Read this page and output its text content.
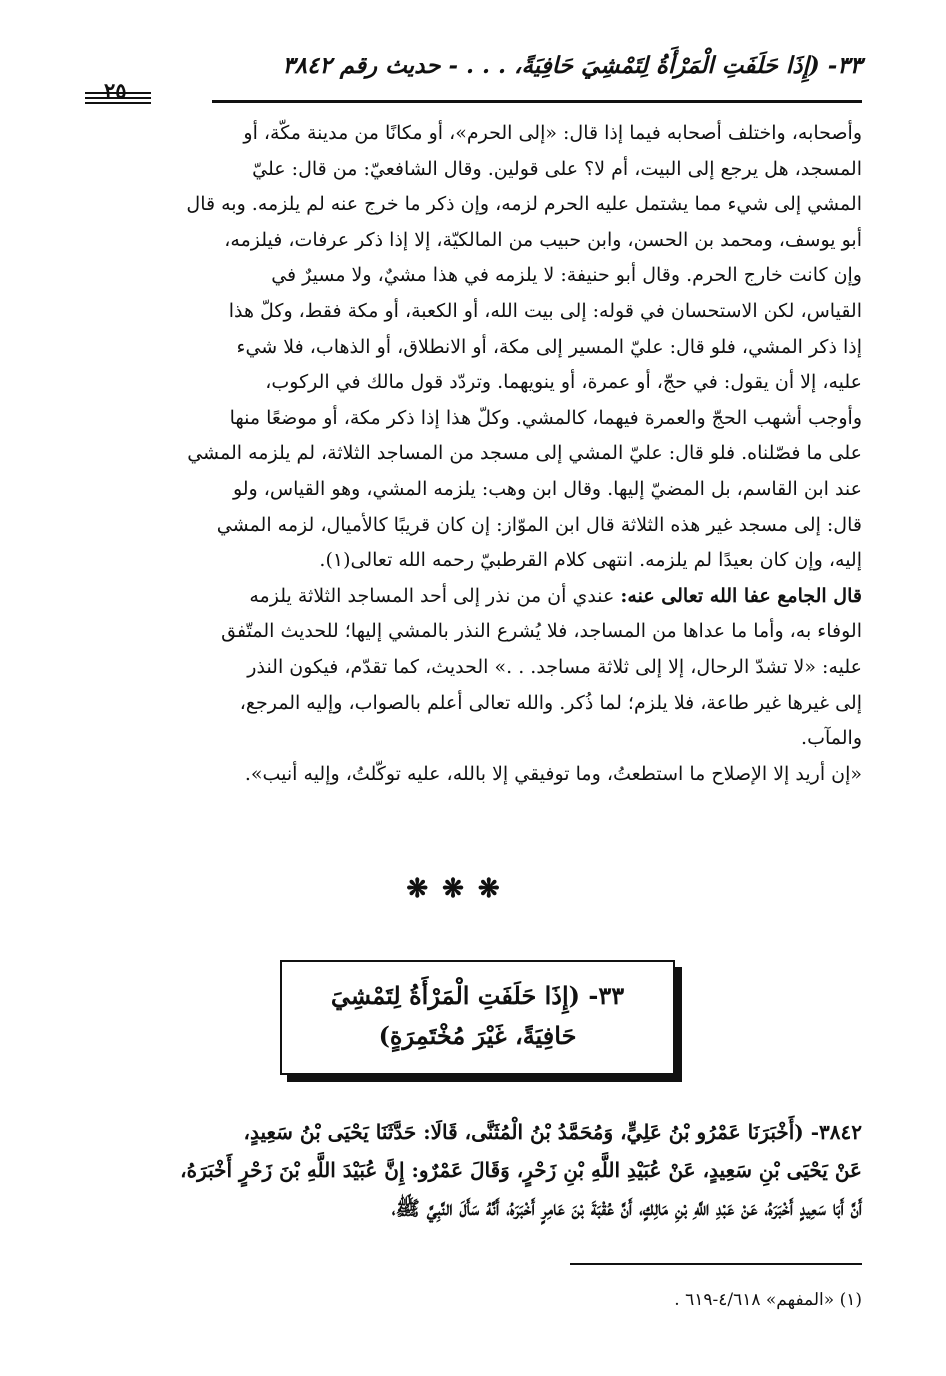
٣٣- (إِذَا حَلَفَتِ الْمَرْأَةُ لِتَمْشِيَ حَافِيَةً، . . . - حديث رقم ٣٨٤٢
٢٥

وأصحابه، واختلف أصحابه فيما إذا قال: «إلى الحرم»، أو مكانًا من مدينة مكّة، أو

المسجد، هل يرجع إلى البيت، أم لا؟ على قولين. وقال الشافعيّ: من قال: عليّ

المشي إلى شيء مما يشتمل عليه الحرم لزمه، وإن ذكر ما خرج عنه لم يلزمه. وبه قال

أبو يوسف، ومحمد بن الحسن، وابن حبيب من المالكيّة، إلا إذا ذكر عرفات، فيلزمه،

وإن كانت خارج الحرم. وقال أبو حنيفة: لا يلزمه في هذا مشيٌ، ولا مسيرٌ في

القياس، لكن الاستحسان في قوله: إلى بيت الله، أو الكعبة، أو مكة فقط، وكلّ هذا

إذا ذكر المشي، فلو قال: عليّ المسير إلى مكة، أو الانطلاق، أو الذهاب، فلا شيء

عليه، إلا أن يقول: في حجّ، أو عمرة، أو ينويهما. وتردّد قول مالك في الركوب،

وأوجب أشهب الحجّ والعمرة فيهما، كالمشي. وكلّ هذا إذا ذكر مكة، أو موضعًا منها

على ما فصّلناه. فلو قال: عليّ المشي إلى مسجد من المساجد الثلاثة، لم يلزمه المشي

عند ابن القاسم، بل المضيّ إليها. وقال ابن وهب: يلزمه المشي، وهو القياس، ولو

قال: إلى مسجد غير هذه الثلاثة قال ابن الموّاز: إن كان قريبًا كالأميال، لزمه المشي

إليه، وإن كان بعيدًا لم يلزمه. انتهى كلام القرطبيّ رحمه الله تعالى(١).

قال الجامع عفا الله تعالى عنه: عندي أن من نذر إلى أحد المساجد الثلاثة يلزمه

الوفاء به، وأما ما عداها من المساجد، فلا يُشرع النذر بالمشي إليها؛ للحديث المتّفق

عليه: «لا تشدّ الرحال، إلا إلى ثلاثة مساجد. . .» الحديث، كما تقدّم، فيكون النذر

إلى غيرها غير طاعة، فلا يلزم؛ لما ذُكر. والله تعالى أعلم بالصواب، وإليه المرجع،

والمآب.

«إن أريد إلا الإصلاح ما استطعتُ، وما توفيقي إلا بالله، عليه توكّلتُ، وإليه أنيب».

❋❋❋
٣٣- (إِذَا حَلَفَتِ الْمَرْأَةُ لِتَمْشِيَ
حَافِيَةً، غَيْرَ مُخْتَمِرَةٍ)

٣٨٤٢- (أَخْبَرَنَا عَمْرُو بْنُ عَلِيٍّ، وَمُحَمَّدُ بْنُ الْمُثَنَّى، قَالَا: حَدَّثَنَا يَحْيَى بْنُ سَعِيدٍ،

عَنْ يَحْيَى بْنِ سَعِيدٍ، عَنْ عُبَيْدِ اللَّهِ بْنِ زَحْرٍ، وَقَالَ عَمْرٌو: إِنَّ عُبَيْدَ اللَّهِ بْنَ زَحْرٍ أَخْبَرَهُ،

أَنَّ أَبَا سَعِيدٍ أَخْبَرَهُ، عَنْ عَبْدِ اللَّهِ بْنِ مَالِكٍ، أَنَّ عُقْبَةَ بْنَ عَامِرٍ أَخْبَرَهُ، أَنَّهُ سَأَلَ النَّبِيَّ ﷺ،

(١) «المفهم» ٤/٦١٨-٦١٩ .
